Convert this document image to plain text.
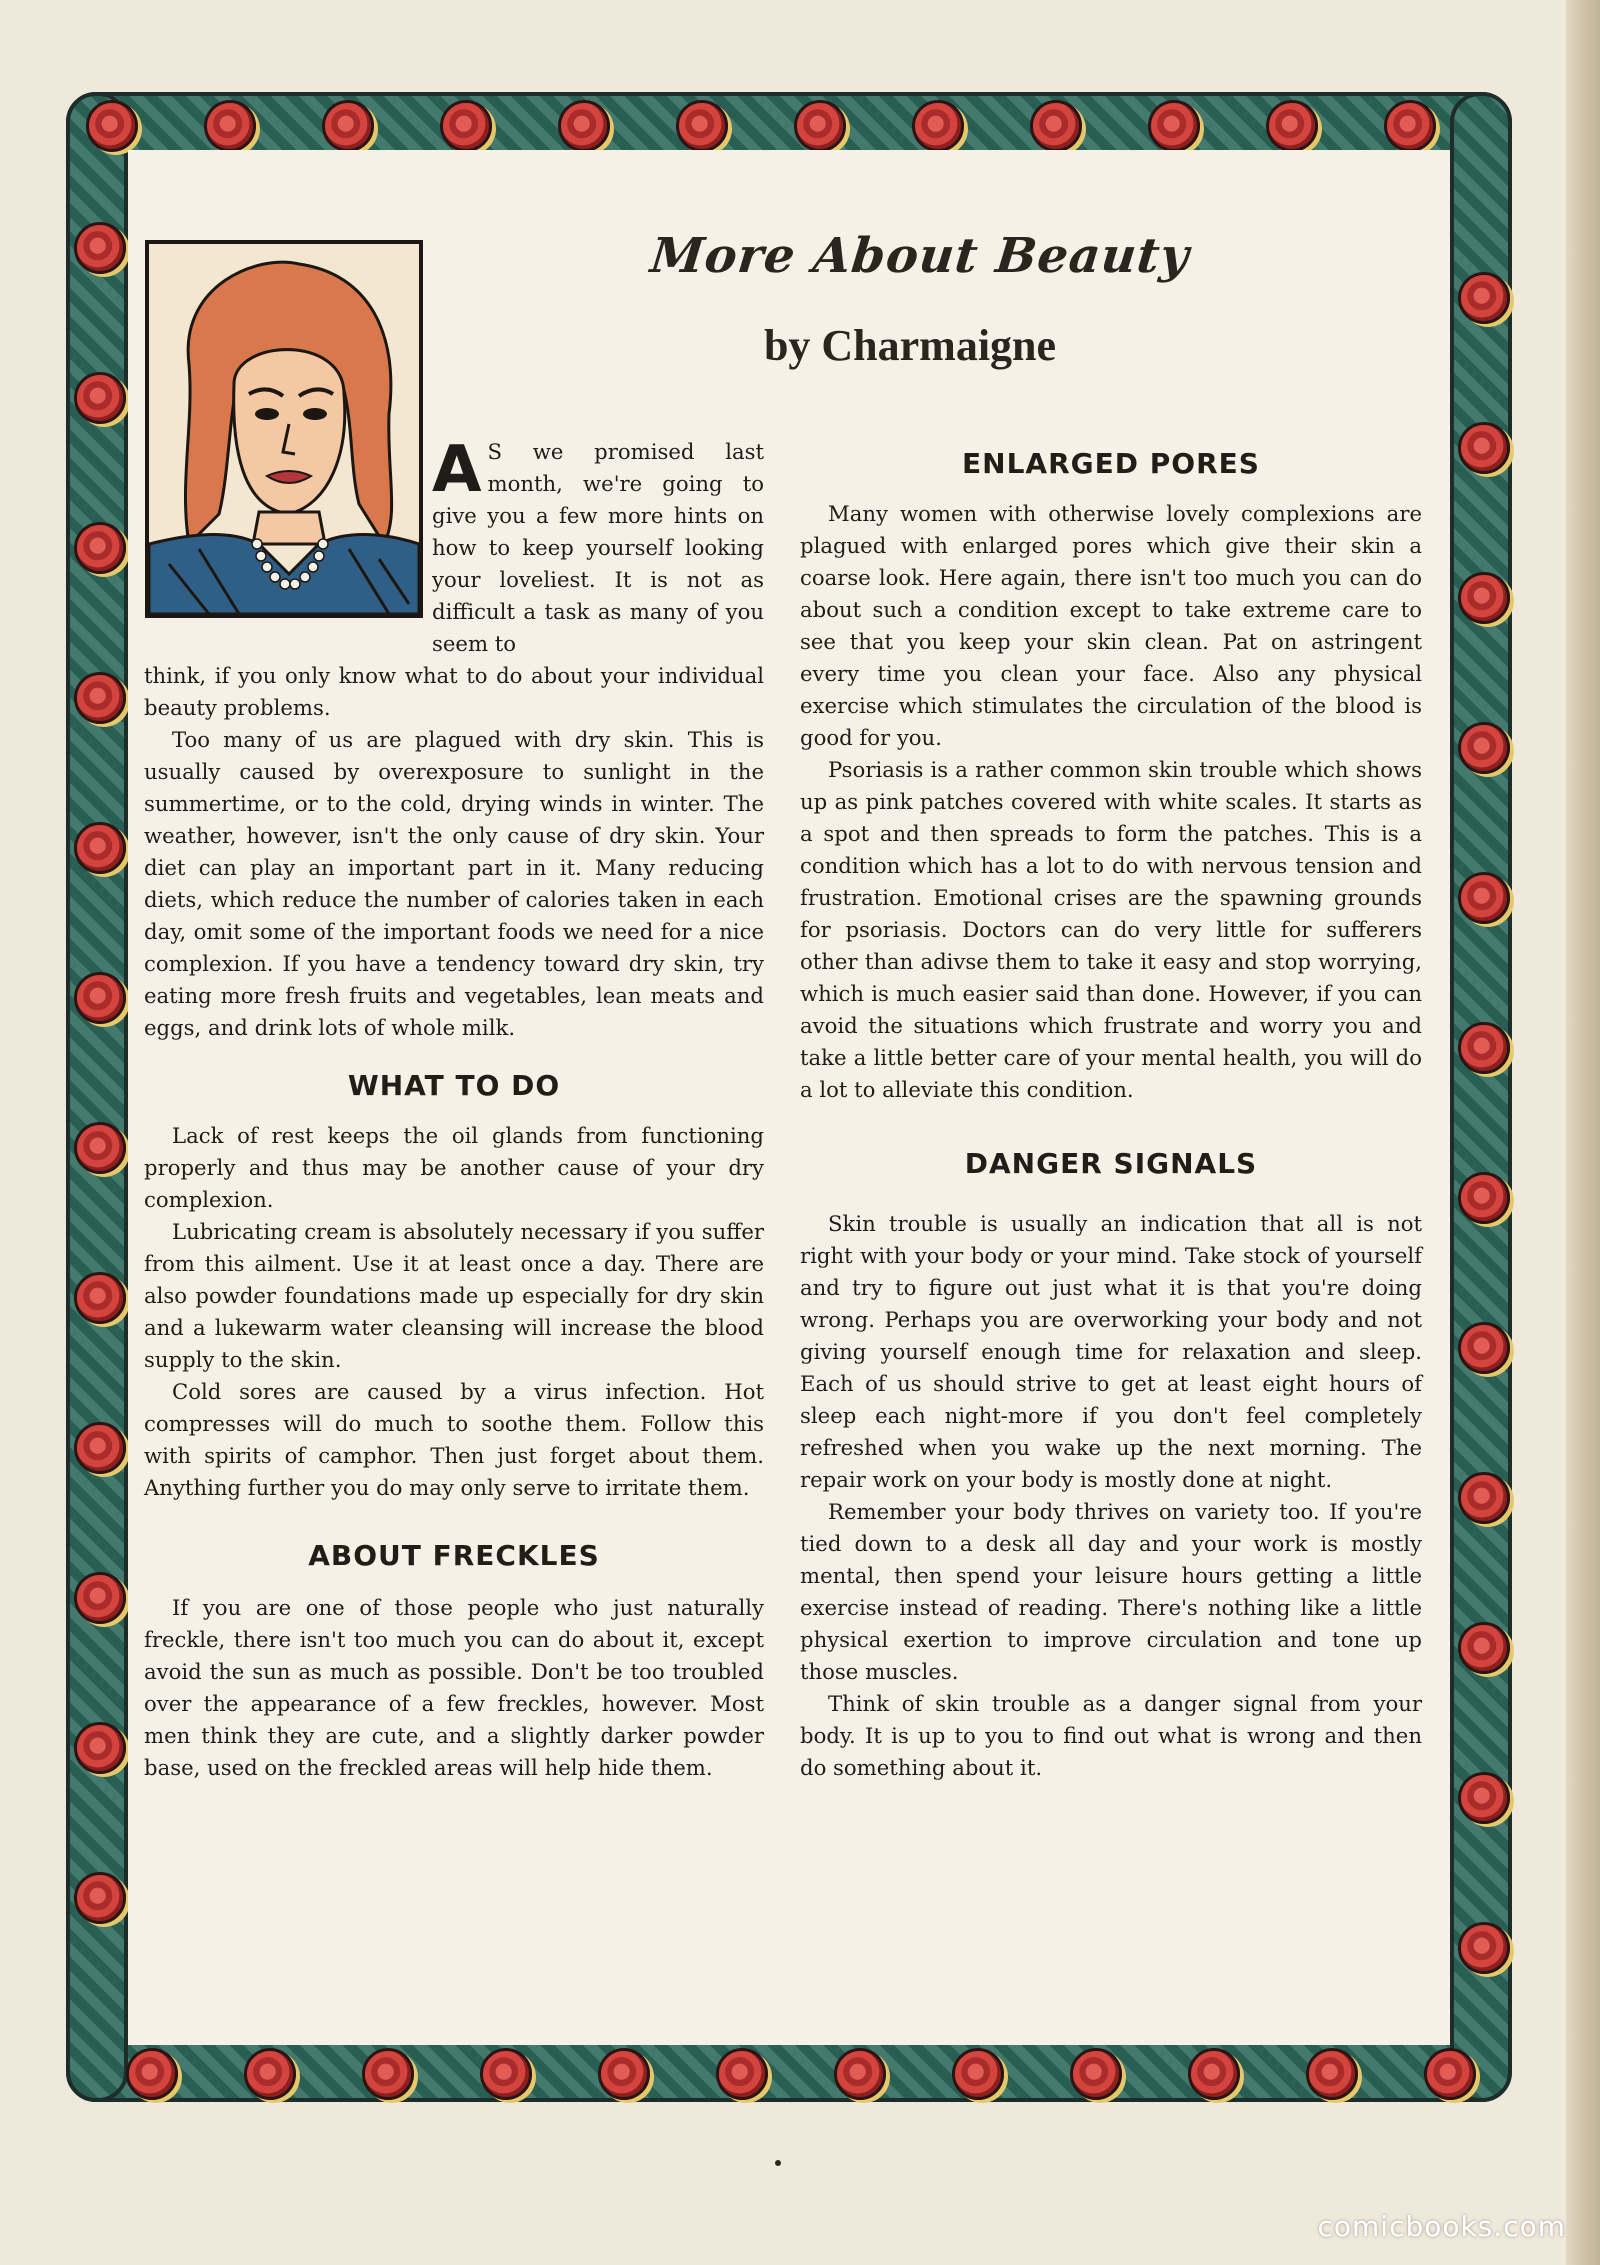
More About Beauty
by Charmaigne
A S we promised last month, we're going to give you a few more hints on how to keep yourself looking your loveliest. It is not as difficult a task as many of you seem to

think, if you only know what to do about your individual beauty problems.

Too many of us are plagued with dry skin. This is usually caused by overexposure to sunlight in the summertime, or to the cold, drying winds in winter. The weather, however, isn't the only cause of dry skin. Your diet can play an important part in it. Many reducing diets, which reduce the number of calories taken in each day, omit some of the important foods we need for a nice complexion. If you have a tendency toward dry skin, try eating more fresh fruits and vegetables, lean meats and eggs, and drink lots of whole milk.

WHAT TO DO

Lack of rest keeps the oil glands from functioning properly and thus may be another cause of your dry complexion.

Lubricating cream is absolutely necessary if you suffer from this ailment. Use it at least once a day. There are also powder foundations made up especially for dry skin and a lukewarm water cleansing will increase the blood supply to the skin.

Cold sores are caused by a virus infection. Hot compresses will do much to soothe them. Follow this with spirits of camphor. Then just forget about them. Anything further you do may only serve to irritate them.

ABOUT FRECKLES

If you are one of those people who just naturally freckle, there isn't too much you can do about it, except avoid the sun as much as possible. Don't be too troubled over the appearance of a few freckles, however. Most men think they are cute, and a slightly darker powder base, used on the freckled areas will help hide them.

ENLARGED PORES

Many women with otherwise lovely complexions are plagued with enlarged pores which give their skin a coarse look. Here again, there isn't too much you can do about such a condition except to take extreme care to see that you keep your skin clean. Pat on astringent every time you clean your face. Also any physical exercise which stimulates the circulation of the blood is good for you.

Psoriasis is a rather common skin trouble which shows up as pink patches covered with white scales. It starts as a spot and then spreads to form the patches. This is a condition which has a lot to do with nervous tension and frustration. Emotional crises are the spawning grounds for psoriasis. Doctors can do very little for sufferers other than adivse them to take it easy and stop worrying, which is much easier said than done. However, if you can avoid the situations which frustrate and worry you and take a little better care of your mental health, you will do a lot to alleviate this condition.

DANGER SIGNALS

Skin trouble is usually an indication that all is not right with your body or your mind. Take stock of yourself and try to figure out just what it is that you're doing wrong. Perhaps you are overworking your body and not giving yourself enough time for relaxation and sleep. Each of us should strive to get at least eight hours of sleep each night-more if you don't feel completely refreshed when you wake up the next morning. The repair work on your body is mostly done at night.

Remember your body thrives on variety too. If you're tied down to a desk all day and your work is mostly mental, then spend your leisure hours getting a little exercise instead of reading. There's nothing like a little physical exertion to improve circulation and tone up those muscles.

Think of skin trouble as a danger signal from your body. It is up to you to find out what is wrong and then do something about it.

comicbooks.com
